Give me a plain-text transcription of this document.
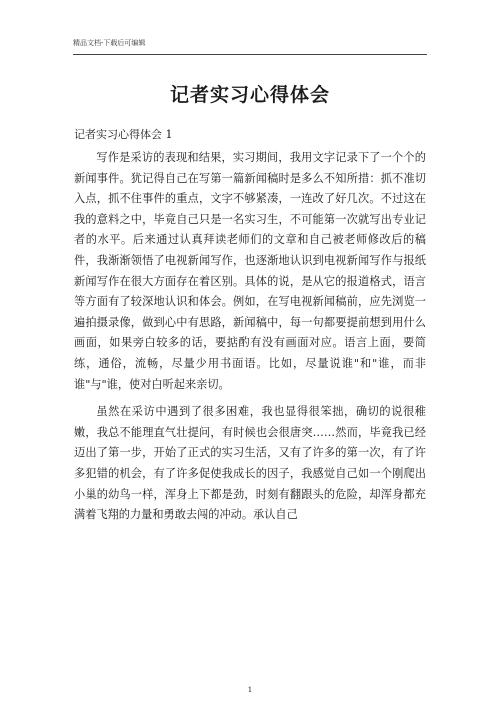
精品文档-下载后可编辑
记者实习心得体会
记者实习心得体会 1

写作是采访的表现和结果，实习期间，我用文字记录下了一个个的新闻事件。犹记得自己在写第一篇新闻稿时是多么不知所措：抓不准切入点，抓不住事件的重点，文字不够紧凑，一连改了好几次。不过这在我的意料之中，毕竟自己只是一名实习生，不可能第一次就写出专业记者的水平。后来通过认真拜读老师们的文章和自己被老师修改后的稿件，我渐渐领悟了电视新闻写作，也逐渐地认识到电视新闻写作与报纸新闻写作在很大方面存在着区别。具体的说，是从它的报道格式，语言等方面有了较深地认识和体会。例如，在写电视新闻稿前，应先浏览一遍拍摄录像，做到心中有思路，新闻稿中，每一句都要提前想到用什么画面，如果旁白较多的话，要掂酌有没有画面对应。语言上面，要简练，通俗，流畅，尽量少用书面语。比如，尽量说谁"和"谁，而非谁"与"谁，使对白听起来亲切。

虽然在采访中遇到了很多困难，我也显得很笨拙，确切的说很稚嫩，我总不能理直气壮提问，有时候也会很唐突……然而，毕竟我已经迈出了第一步，开始了正式的实习生活，又有了许多的第一次，有了许多犯错的机会，有了许多促使我成长的因子，我感觉自己如一个刚爬出小巢的幼鸟一样，浑身上下都是劲，时刻有翻跟头的危险，却浑身都充满着飞翔的力量和勇敢去闯的冲动。承认自己

1
